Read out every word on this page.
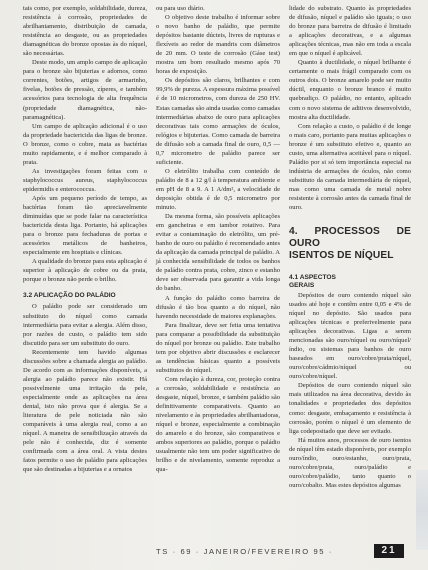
tais como, por exemplo, soldabilidade, dureza, resistência à corrosão, propriedades de abrilhantamento, distribuição de camada, resistência ao desgaste, ou as propriedades diamagnéticas do bronze opostas às do níquel, são necessárias.

Deste modo, um amplo campo de aplicação para o bronze são bijuterias e adornos, como correntes, botões, artigos de armarinho, fivelas, botões de pressão, zíperes, e também acessórios para tecnologia de alta frequência (propriedade diamagnética, não-paramagnética).

Um campo de aplicação adicional é o uso da propriedade bactericida das ligas de bronze. O bronze, como o cobre, mata as bactérias muito rapidamente, e é melhor comparado à prata.

As investigações foram feitas com o staphylococcus aureus, staphylococcus epidermidis e enterococcus.

Após um pequeno período de tempo, as bactérias foram tão apreciavelmente diminuídas que se pode falar na característica bactericida desta liga. Portanto, há aplicações para o bronze para fechaduras de portas e acessórios metálicos de banheiros, especialmente em hospitais e clínicas.

A qualidade do bronze para esta aplicação é superior à aplicação de cobre ou da prata, porque o bronze não perde o brilho.

3.2 APLICAÇÃO DO PALÁDIO

O paládio pode ser considerado um substituto do níquel como camada intermediária para evitar a alergia. Além disso, por razões de custo, o paládio tem sido discutido para ser um substituto do ouro.

Recentemente tem havido algumas discussões sobre a chamada alergia ao paládio. De acordo com as informações disponíveis, a alergia ao paládio parece não existir. Há possivelmente uma irritação da pele, especialmente onde as aplicações na área dental, isto não prova que é alergia. Se a literatura de pele noticiada não são comparáveis à uma alergia real, como a ao níquel. A maneira de sensibilização através da pele não é conhecida, diz é somente confirmada com a área oral. A vista destes fatos permite o uso de paládio para aplicações que são destinadas a bijuterias e a ornatos

ou para uso diário.

O objetivo deste trabalho é informar sobre o novo banho de paládio, que permite depósitos bastante dúcteis, livres de rupturas e flexíveis ao redor de mandris com diâmetros de 20 mm. O teste de corrosão (Gáse test) mostra um bom resultado mesmo após 70 horas de exposição.

Os depósitos são claros, brilhantes e com 99,9% de pureza. A espessura máxima possível é de 10 micrometros, com dureza de 250 HV. Estas camadas são ainda usadas como camadas intermediárias abaixo de ouro para aplicações decorativas tais como armações de óculos, relógios e bijuterias. Como camada de barreira de difusão sob a camada final de ouro, 0,5 — 0,7 micrometro de paládio parece ser suficiente.

O eletrólito trabalha com conteúdo de paládio de 8 a 12 g/l à temperatura ambiente e em pH de 8 a 9. A 1 A/dm², a velocidade de deposição obtida é de 0,5 micrometro por minuto.

Da mesma forma, são possíveis aplicações em gancheiras e em tambor rotativo. Para evitar a contaminação do eletrólito, um pré-banho de ouro ou paládio é recomendado antes da aplicação da camada principal de paládio. A já conhecida sensibilidade de todos os banhos de paládio contra prata, cobre, zinco e estanho deve ser observada para garantir a vida longa do banho.

A função do paládio como barreira de difusão é tão boa quanto a do níquel, não havendo necessidade de maiores explanações.

Para finalizar, deve ser feita uma tentativa para comparar a possibilidade da substituição do níquel por bronze ou paládio. Este trabalho tem por objetivo abrir discussões e esclarecer as tendências básicas quanto a possíveis substitutos do níquel.

Com relação à dureza, cor, proteção contra a corrosão, soldabilidade e resistência ao desgaste, níquel, bronze, e também paládio são definitivamente comparativeis. Quanto ao nivelamento e às propriedades abrilhantadoras, níquel e bronze, especialmente a combinação do amarelo e do bronze, são comparativos e ambos superiores ao paládio, porque o paládio usualmente não tem um poder significativo de brilho e de nivelamento, somente reproduz a qua-

lidade do substrato. Quanto às propriedades de difusão, níquel e paládio são iguais; o uso do bronze para barreira de difusão é limitado a aplicações decorativas, e a algumas aplicações técnicas, mas não em toda a escala em que o níquel é aplicável.

Quanto à ductilidade, o níquel brilhante é certamente o mais frágil comparado com os outros dois. O bronze amarelo pode ser muito dúctil, enquanto o bronze branco é muito quebradiço. O paládio, no entanto, aplicado com o novo sistema de aditivos desenvolvido, mostra alta ductilidade.

Com relação a custo, o paládio é de longe o mais caro, portanto para muitas aplicações o bronze é um substituto efetivo e, quanto ao custo, uma alternativa aceitável para o níquel. Paládio por si só tem importância especial na indústria de armações de óculos, não como substituto da camada intermediária de níquel, mas como uma camada de metal nobre resistente à corrosão antes da camada final de ouro.

4. PROCESSOS DE OURO
ISENTOS DE NÍQUEL
4.1 ASPECTOS
GERAIS

Depósitos de ouro contendo níquel são usados até hoje e contêm entre 0,05 e 4% de níquel no depósito. São usados para aplicações técnicas e preferivelmente para aplicações decorativas. Ligas a serem mencionadas são ouro/níquel ou ouro/níquel/índio, ou sistemas para banhos de ouro baseados em ouro/cobre/prata/níquel, ouro/cobre/cádmio/níquel ou ouro/cobre/níquel.

Depósitos de ouro contendo níquel são mais utilizados na área decorativa, devido às tonalidades e propriedades dos depósitos como: desgaste, embaçamento e resistência à corrosão, porém o níquel é um elemento de liga codepositado que deve ser evitado.

Há muitos anos, processos de ouro isentos de níquel têm estado disponíveis, por exemplo ouro/índio, ouro/estanho, ouro/prata, ouro/cobre/prata, ouro/paládio e ouro/cobre/paládio, tanto quanto o ouro/cobalto. Mas estes depósitos algumas

TS · 69 · JANEIRO/FEVEREIRO 95 ·	21
